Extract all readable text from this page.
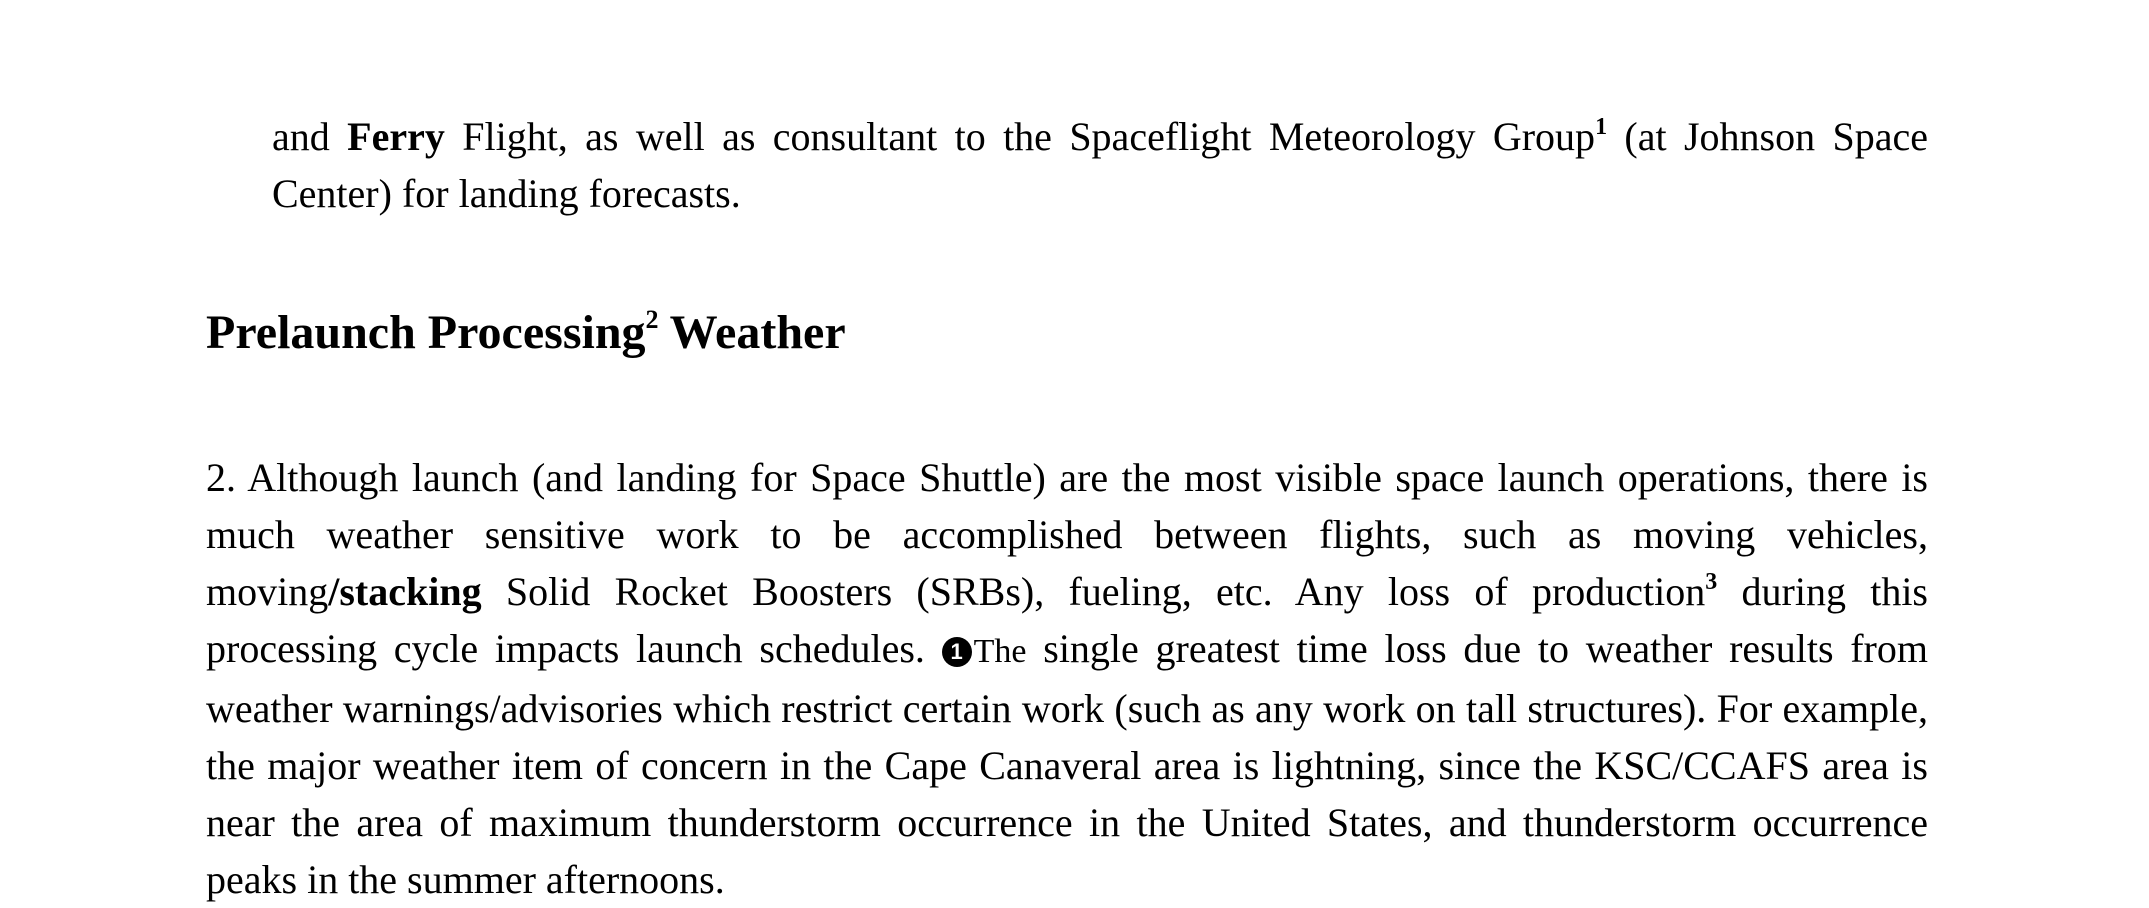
and Ferry Flight, as well as consultant to the Spaceflight Meteorology Group$^1$ (at Johnson Space Center) for landing forecasts.
Prelaunch Processing$^2$ Weather
2. Although launch (and landing for Space Shuttle) are the most visible space launch operations, there is much weather sensitive work to be accomplished between flights, such as moving vehicles, moving/stacking Solid Rocket Boosters (SRBs), fueling, etc. Any loss of production$^3$ during this processing cycle impacts launch schedules. 1 The single greatest time loss due to weather results from weather warnings/advisories which restrict certain work (such as any work on tall structures). For example, the major weather item of concern in the Cape Canaveral area is lightning, since the KSC/CCAFS area is near the area of maximum thunderstorm occurrence in the United States, and thunderstorm occurrence peaks in the summer afternoons.
